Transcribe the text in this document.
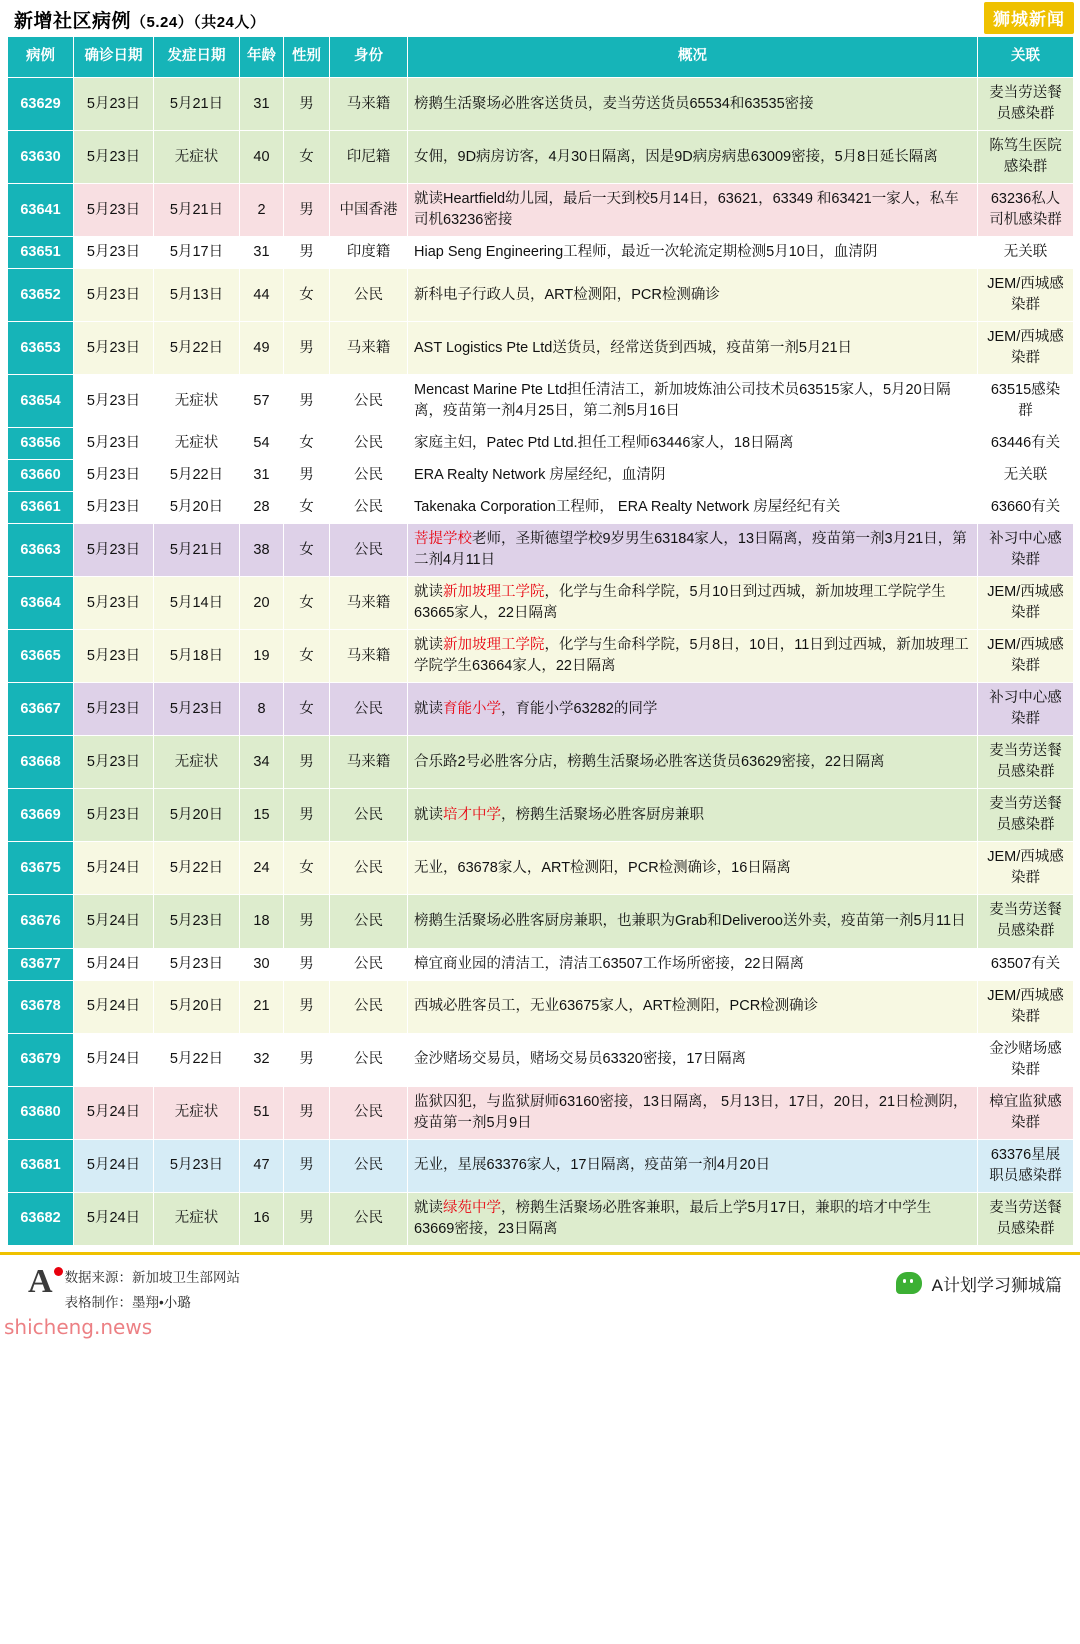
新增社区病例（5.24）（共24人）	狮城新闻
病例	确诊日期	发症日期	年龄	性别	身份	概况	关联
63629	5月23日	5月21日	31	男	马来籍	榜鹅生活聚场必胜客送货员，麦当劳送货员65534和63535密接	麦当劳送餐员感染群
63630	5月23日	无症状	40	女	印尼籍	女佣，9D病房访客，4月30日隔离，因是9D病房病患63009密接，5月8日延长隔离	陈笃生医院感染群
63641	5月23日	5月21日	2	男	中国香港	就读Heartfield幼儿园，最后一天到校5月14日，63621，63349 和63421一家人，私车司机63236密接	63236私人司机感染群
63651	5月23日	5月17日	31	男	印度籍	Hiap Seng Engineering工程师，最近一次轮流定期检测5月10日，血清阴	无关联
63652	5月23日	5月13日	44	女	公民	新科电子行政人员，ART检测阳，PCR检测确诊	JEM/西城感染群
63653	5月23日	5月22日	49	男	马来籍	AST Logistics Pte Ltd送货员，经常送货到西城，疫苗第一剂5月21日	JEM/西城感染群
63654	5月23日	无症状	57	男	公民	Mencast Marine Pte Ltd担任清洁工，新加坡炼油公司技术员63515家人，5月20日隔离，疫苗第一剂4月25日，第二剂5月16日	63515感染群
63656	5月23日	无症状	54	女	公民	家庭主妇，Patec Ptd Ltd.担任工程师63446家人，18日隔离	63446有关
63660	5月23日	5月22日	31	男	公民	ERA Realty Network 房屋经纪，血清阴	无关联
63661	5月23日	5月20日	28	女	公民	Takenaka Corporation工程师， ERA Realty Network 房屋经纪有关	63660有关
63663	5月23日	5月21日	38	女	公民	菩提学校老师，圣斯德望学校9岁男生63184家人，13日隔离，疫苗第一剂3月21日，第二剂4月11日	补习中心感染群
63664	5月23日	5月14日	20	女	马来籍	就读新加坡理工学院，化学与生命科学院，5月10日到过西城，新加坡理工学院学生63665家人，22日隔离	JEM/西城感染群
63665	5月23日	5月18日	19	女	马来籍	就读新加坡理工学院，化学与生命科学院，5月8日，10日，11日到过西城，新加坡理工学院学生63664家人，22日隔离	JEM/西城感染群
63667	5月23日	5月23日	8	女	公民	就读育能小学，育能小学63282的同学	补习中心感染群
63668	5月23日	无症状	34	男	马来籍	合乐路2号必胜客分店，榜鹅生活聚场必胜客送货员63629密接，22日隔离	麦当劳送餐员感染群
63669	5月23日	5月20日	15	男	公民	就读培才中学，榜鹅生活聚场必胜客厨房兼职	麦当劳送餐员感染群
63675	5月24日	5月22日	24	女	公民	无业，63678家人，ART检测阳，PCR检测确诊，16日隔离	JEM/西城感染群
63676	5月24日	5月23日	18	男	公民	榜鹅生活聚场必胜客厨房兼职，也兼职为Grab和Deliveroo送外卖，疫苗第一剂5月11日	麦当劳送餐员感染群
63677	5月24日	5月23日	30	男	公民	樟宜商业园的清洁工，清洁工63507工作场所密接，22日隔离	63507有关
63678	5月24日	5月20日	21	男	公民	西城必胜客员工，无业63675家人，ART检测阳，PCR检测确诊	JEM/西城感染群
63679	5月24日	5月22日	32	男	公民	金沙赌场交易员，赌场交易员63320密接，17日隔离	金沙赌场感染群
63680	5月24日	无症状	51	男	公民	监狱囚犯，与监狱厨师63160密接，13日隔离， 5月13日，17日，20日，21日检测阴，疫苗第一剂5月9日	樟宜监狱感染群
63681	5月24日	5月23日	47	男	公民	无业，星展63376家人，17日隔离，疫苗第一剂4月20日	63376星展职员感染群
63682	5月24日	无症状	16	男	公民	就读绿苑中学，榜鹅生活聚场必胜客兼职，最后上学5月17日，兼职的培才中学生63669密接，23日隔离	麦当劳送餐员感染群
A 数据来源：新加坡卫生部网站
表格制作：墨翔•小璐
A计划学习狮城篇
shicheng.news
